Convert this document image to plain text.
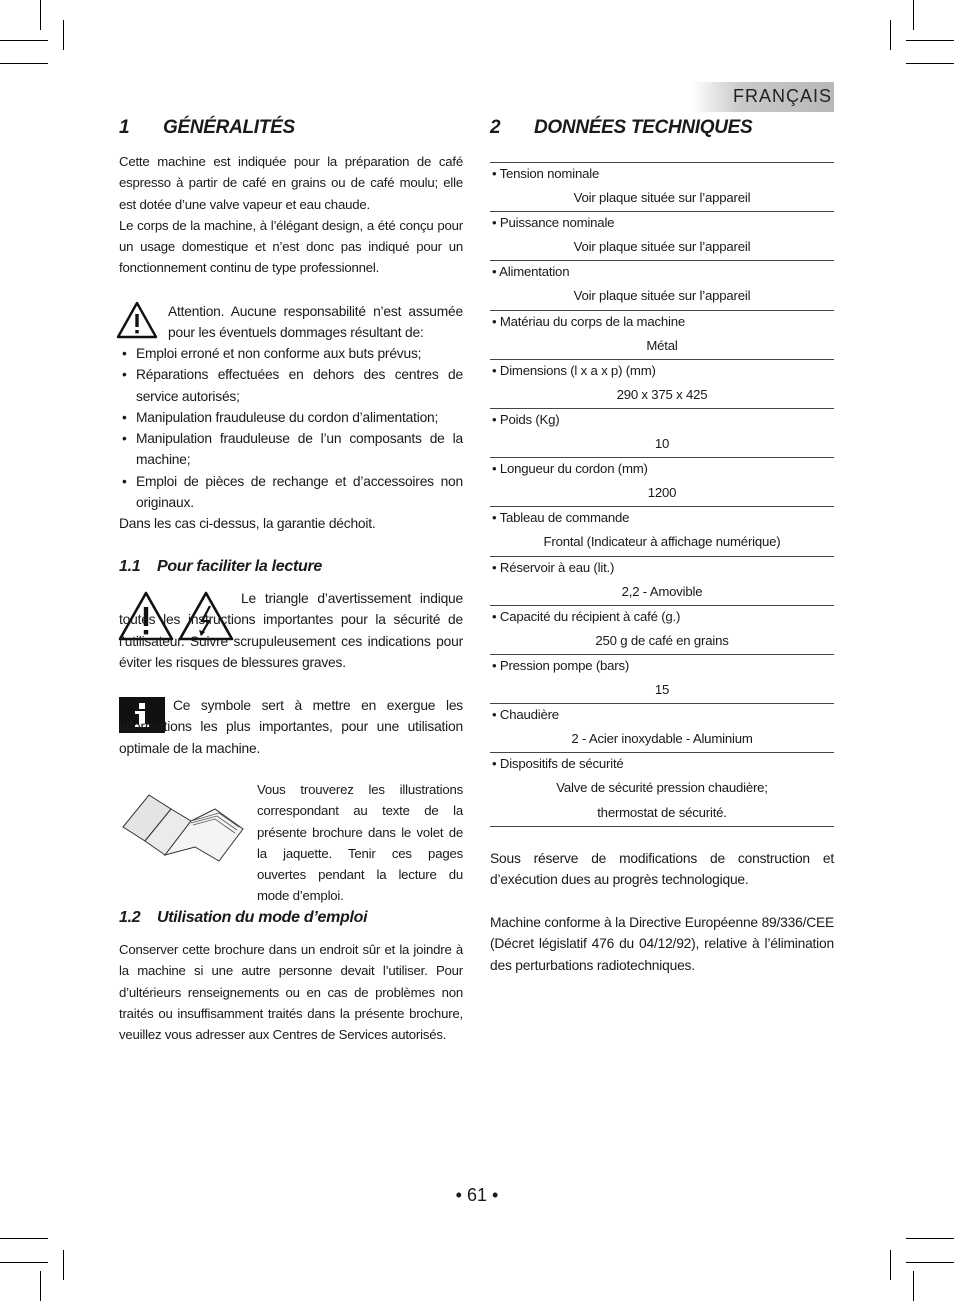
FRANÇAIS
1 GÉNÉRALITÉS

Cette machine est indiquée pour la préparation de café espresso à partir de café en grains ou de café moulu; elle est dotée d’une valve vapeur et eau chaude.

Le corps de la machine, à l’élégant design, a été conçu pour un usage domestique et n’est donc pas indiqué pour un fonctionnement continu de type professionnel.

Attention. Aucune responsabilité n’est assumée pour les éventuels dommages résultant de:
• Emploi erroné et non conforme aux buts prévus;
• Réparations effectuées en dehors des centres de service autorisés;
• Manipulation frauduleuse du cordon d’alimentation;
• Manipulation frauduleuse de l’un composants de la machine;
• Emploi de pièces de rechange et d’accessoires non originaux.
Dans les cas ci-dessus, la garantie déchoit.
1.1 Pour faciliter la lecture
Le triangle d’avertissement indique toutes les instructions importantes pour la sécurité de l’utilisateur. Suivre scrupuleusement ces indications pour éviter les risques de blessures graves.
Ce symbole sert à mettre en exergue les informations les plus importantes, pour une utilisation optimale de la machine.
Vous trouverez les illustrations correspondant au texte de la présente brochure dans le volet de la jaquette. Tenir ces pages ouvertes pendant la lecture du mode d’emploi.
1.2 Utilisation du mode d’emploi
Conserver cette brochure dans un endroit sûr et la joindre à la machine si une autre personne devait l’utiliser. Pour d’ultérieurs renseignements ou en cas de problèmes non traités ou insuffisamment traités dans la présente brochure, veuillez vous adresser aux Centres de Services autorisés.
2 DONNÉES TECHNIQUES
• Tension nominale
Voir plaque située sur l’appareil
• Puissance nominale
Voir plaque située sur l’appareil
• Alimentation
Voir plaque située sur l’appareil
• Matériau du corps de la machine
Métal
• Dimensions (l x a x p) (mm)
290 x 375 x 425
• Poids (Kg)
10
• Longueur du cordon (mm)
1200
• Tableau de commande
Frontal (Indicateur à affichage numérique)
• Réservoir à eau (lit.)
2,2 - Amovible
• Capacité du récipient à café (g.)
250 g de café en grains
• Pression pompe (bars)
15
• Chaudière
2 - Acier inoxydable - Aluminium
• Dispositifs de sécurité
Valve de sécurité pression chaudière;
thermostat de sécurité.
Sous réserve de modifications de construction et d’exécution dues au progrès technologique.
Machine conforme à la Directive Européenne 89/336/CEE (Décret législatif 476 du 04/12/92), relative à l’élimination des perturbations radiotechniques.
• 61 •
